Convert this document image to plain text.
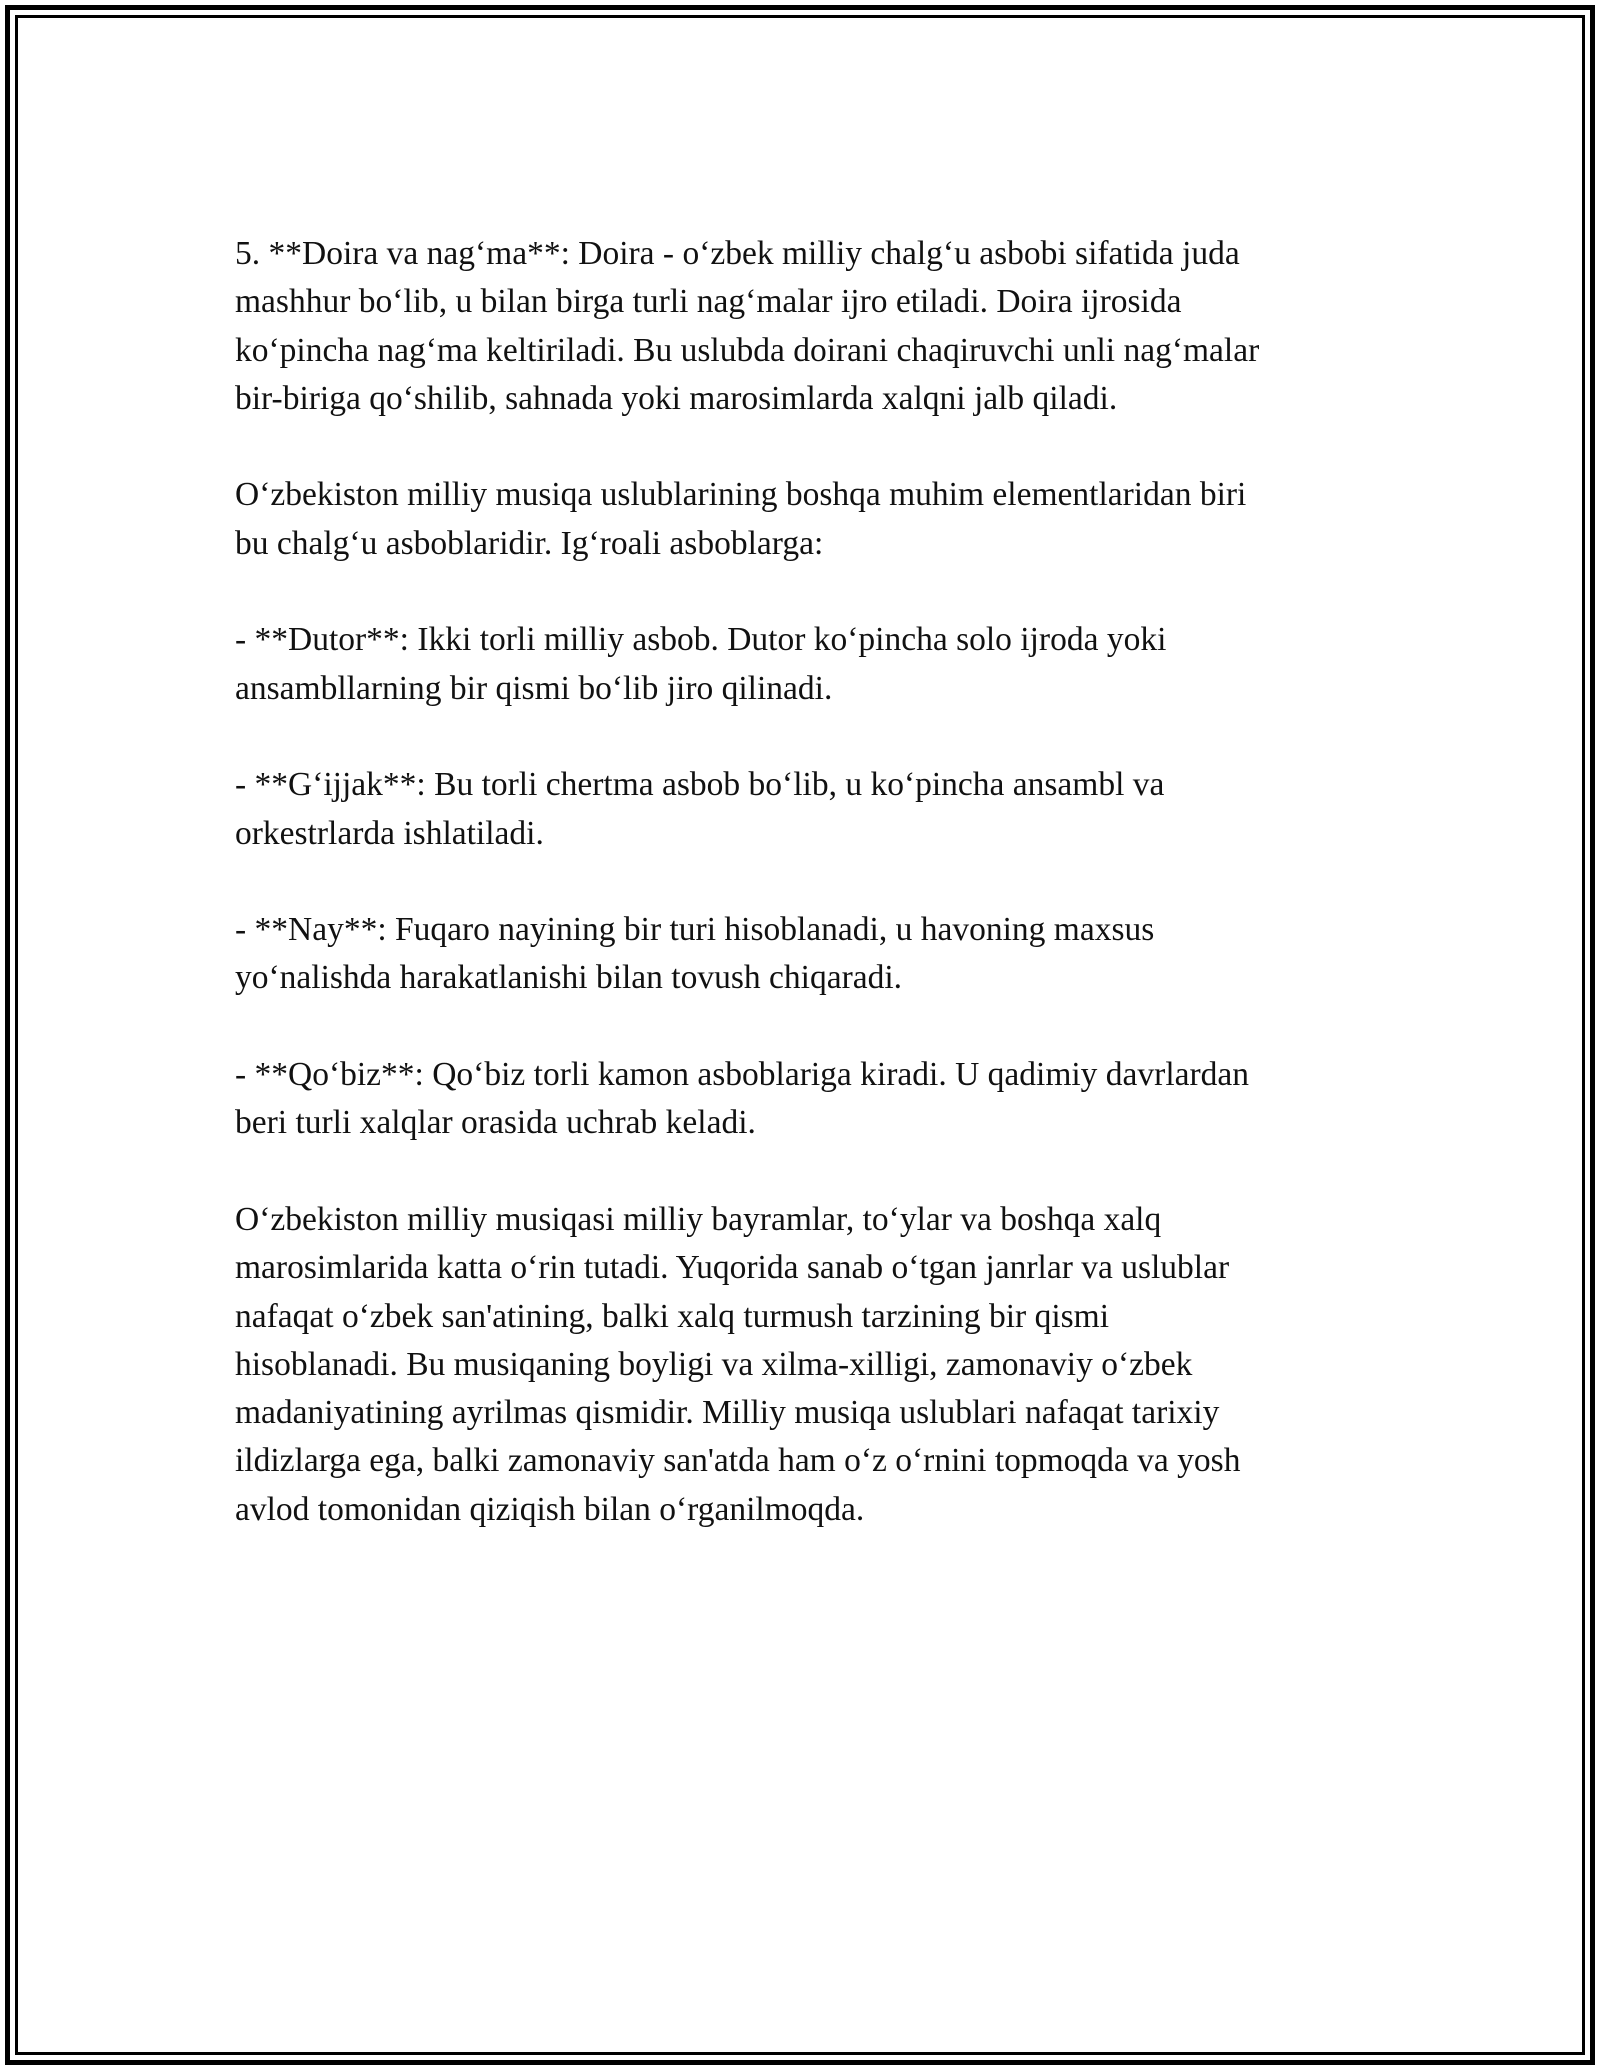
5. **Doira va nag‘ma**: Doira - o‘zbek milliy chalg‘u asbobi sifatida juda
mashhur bo‘lib, u bilan birga turli nag‘malar ijro etiladi. Doira ijrosida
ko‘pincha nag‘ma keltiriladi. Bu uslubda doirani chaqiruvchi unli nag‘malar
bir-biriga qo‘shilib, sahnada yoki marosimlarda xalqni jalb qiladi.

O‘zbekiston milliy musiqa uslublarining boshqa muhim elementlaridan biri
bu chalg‘u asboblaridir. Ig‘roali asboblarga:

- **Dutor**: Ikki torli milliy asbob. Dutor ko‘pincha solo ijroda yoki
ansambllarning bir qismi bo‘lib jiro qilinadi.

- **G‘ijjak**: Bu torli chertma asbob bo‘lib, u ko‘pincha ansambl va
orkestrlarda ishlatiladi.

- **Nay**: Fuqaro nayining bir turi hisoblanadi, u havoning maxsus
yo‘nalishda harakatlanishi bilan tovush chiqaradi.

- **Qo‘biz**: Qo‘biz torli kamon asboblariga kiradi. U qadimiy davrlardan
beri turli xalqlar orasida uchrab keladi.

O‘zbekiston milliy musiqasi milliy bayramlar, to‘ylar va boshqa xalq
marosimlarida katta o‘rin tutadi. Yuqorida sanab o‘tgan janrlar va uslublar
nafaqat o‘zbek san'atining, balki xalq turmush tarzining bir qismi
hisoblanadi. Bu musiqaning boyligi va xilma-xilligi, zamonaviy o‘zbek
madaniyatining ayrilmas qismidir. Milliy musiqa uslublari nafaqat tarixiy
ildizlarga ega, balki zamonaviy san'atda ham o‘z o‘rnini topmoqda va yosh
avlod tomonidan qiziqish bilan o‘rganilmoqda.
